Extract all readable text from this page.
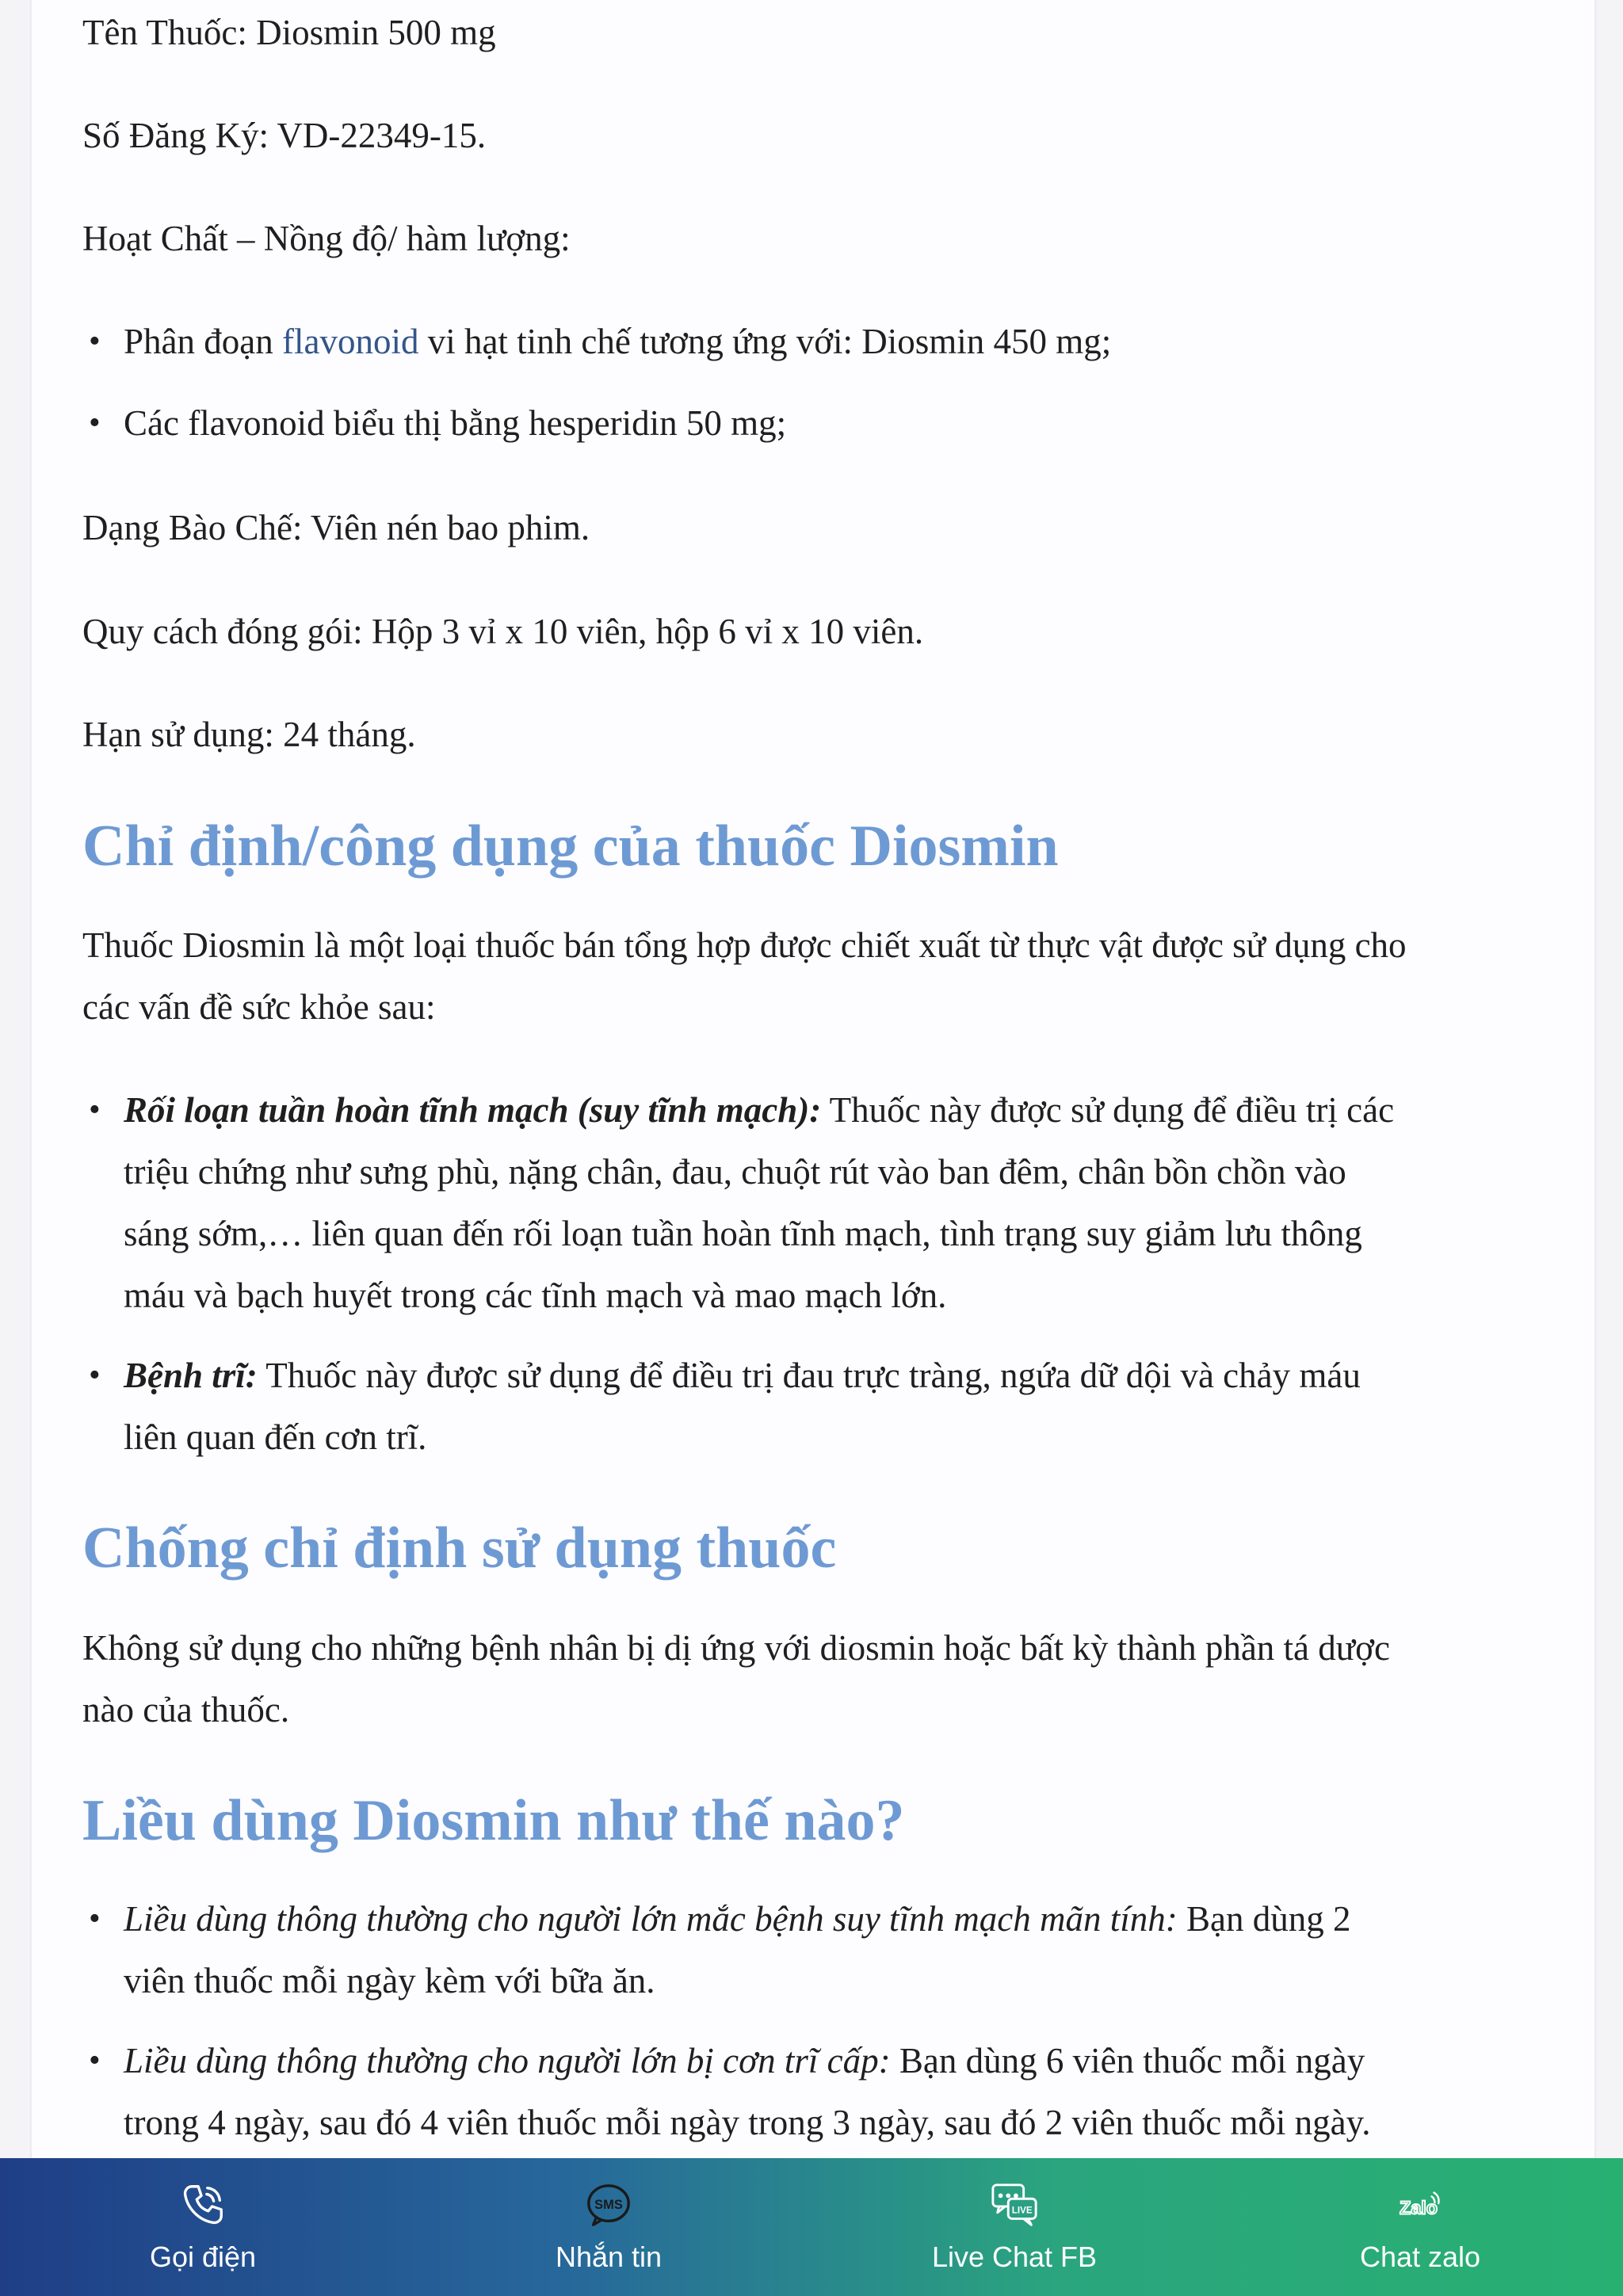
Tên Thuốc: Diosmin 500 mg

Số Đăng Ký: VD-22349-15.

Hoạt Chất – Nồng độ/ hàm lượng:

• Phân đoạn flavonoid vi hạt tinh chế tương ứng với: Diosmin 450 mg;
• Các flavonoid biểu thị bằng hesperidin 50 mg;

Dạng Bào Chế: Viên nén bao phim.

Quy cách đóng gói: Hộp 3 vỉ x 10 viên, hộp 6 vỉ x 10 viên.

Hạn sử dụng: 24 tháng.

Chỉ định/công dụng của thuốc Diosmin

Thuốc Diosmin là một loại thuốc bán tổng hợp được chiết xuất từ thực vật được sử dụng cho

các vấn đề sức khỏe sau:

• Rối loạn tuần hoàn tĩnh mạch (suy tĩnh mạch): Thuốc này được sử dụng để điều trị các

triệu chứng như sưng phù, nặng chân, đau, chuột rút vào ban đêm, chân bồn chồn vào

sáng sớm,… liên quan đến rối loạn tuần hoàn tĩnh mạch, tình trạng suy giảm lưu thông

máu và bạch huyết trong các tĩnh mạch và mao mạch lớn.

• Bệnh trĩ: Thuốc này được sử dụng để điều trị đau trực tràng, ngứa dữ dội và chảy máu

liên quan đến cơn trĩ.

Chống chỉ định sử dụng thuốc

Không sử dụng cho những bệnh nhân bị dị ứng với diosmin hoặc bất kỳ thành phần tá dược

nào của thuốc.

Liều dùng Diosmin như thế nào?
• Liều dùng thông thường cho người lớn mắc bệnh suy tĩnh mạch mãn tính: Bạn dùng 2

viên thuốc mỗi ngày kèm với bữa ăn.

• Liều dùng thông thường cho người lớn bị cơn trĩ cấp: Bạn dùng 6 viên thuốc mỗi ngày

trong 4 ngày, sau đó 4 viên thuốc mỗi ngày trong 3 ngày, sau đó 2 viên thuốc mỗi ngày.

Gọi điện
SMS
Nhắn tin
LIVE
Live Chat FB
Zalo
Chat zalo
